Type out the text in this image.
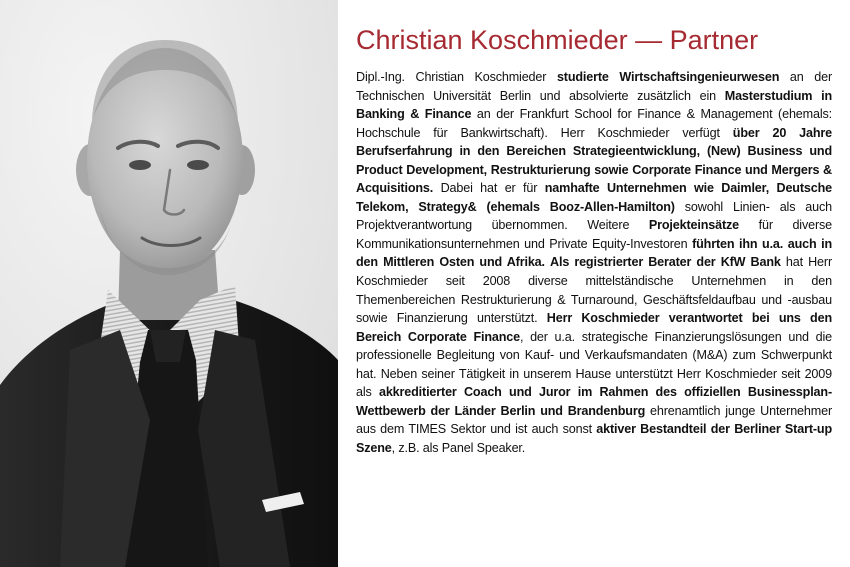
Christian Koschmieder — Partner

Dipl.-Ing. Christian Koschmieder studierte Wirtschaftsingenieurwesen an der Technischen Universität Berlin und absolvierte zusätzlich ein Masterstudium in Banking & Finance an der Frankfurt School for Finance & Management (ehemals: Hochschule für Bankwirtschaft). Herr Koschmieder verfügt über 20 Jahre Berufserfahrung in den Bereichen Strategieentwicklung, (New) Business und Product Development, Restrukturierung sowie Corporate Finance und Mergers & Acquisitions. Dabei hat er für namhafte Unternehmen wie Daimler, Deutsche Telekom, Strategy& (ehemals Booz-Allen-Hamilton) sowohl Linien- als auch Projektverantwortung übernommen. Weitere Projekteinsätze für diverse Kommunikationsunternehmen und Private Equity-Investoren führten ihn u.a. auch in den Mittleren Osten und Afrika. Als registrierter Berater der KfW Bank hat Herr Koschmieder seit 2008 diverse mittelständische Unternehmen in den Themenbereichen Restrukturierung & Turnaround, Geschäftsfeldaufbau und -ausbau sowie Finanzierung unterstützt. Herr Koschmieder verantwortet bei uns den Bereich Corporate Finance, der u.a. strategische Finanzierungslösungen und die professionelle Begleitung von Kauf- und Verkaufsmandaten (M&A) zum Schwerpunkt hat. Neben seiner Tätigkeit in unserem Hause unterstützt Herr Koschmieder seit 2009 als akkreditierter Coach und Juror im Rahmen des offiziellen Businessplan-Wettbewerb der Länder Berlin und Brandenburg ehrenamtlich junge Unternehmer aus dem TIMES Sektor und ist auch sonst aktiver Bestandteil der Berliner Start-up Szene, z.B. als Panel Speaker.
